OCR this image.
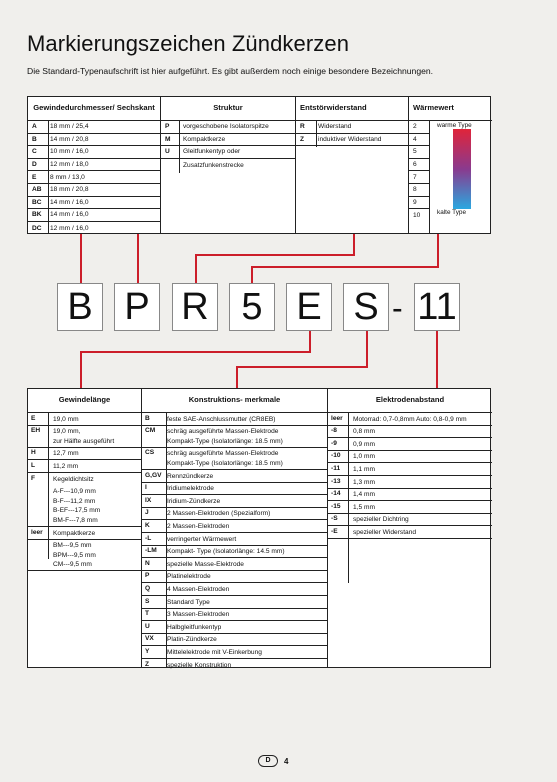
Markierungszeichen Zündkerzen
Die Standard-Typenaufschrift ist hier aufgeführt. Es gibt außerdem noch einige besondere Bezeichnungen.
Gewindedurchmesser/ Sechskant
A	18 mm / 25,4
B	14 mm / 20,8
C	10 mm / 16,0
D	12 mm / 18,0
E	8 mm / 13,0
AB	18 mm / 20,8
BC	14 mm / 16,0
BK	14 mm / 16,0
DC	12 mm / 16,0
Struktur
P	vorgeschobene Isolatorspitze
M	Kompaktkerze
U	Gleitfunkentyp oder
Zusatzfunkenstrecke
Entstörwiderstand
R	Widerstand
Z	induktiver Widerstand
Wärmewert
2
4
5
6
7
8
9
10
warme Type
kalte Type
B P R 5 E S - 11
Gewindelänge
E	19,0 mm
EH	19,0 mm,
zur Hälfte ausgeführt
H	12,7 mm
L	11,2 mm
F	Kegeldichtsitz
A-F---10,9 mm
B-F---11,2 mm
B-EF---17,5 mm
BM-F---7,8 mm
leer	Kompaktkerze
BM---9,5 mm
BPM---9,5 mm
CM---9,5 mm
Konstruktions- merkmale
B	feste SAE-Anschlussmutter (CR8EB)
CM	schräg ausgeführte Massen-Elektrode
Kompakt-Type (Isolatorlänge: 18.5 mm)
CS	schräg ausgeführte Massen-Elektrode
Kompakt-Type (Isolatorlänge: 18.5 mm)
G,GV Rennzündkerze
I	Iridiumelektrode
IX	Iridium-Zündkerze
J	2 Massen-Elektroden (Spezialform)
K	2 Massen-Elektroden
-L	verringerter Wärmewert
-LM	Kompakt- Type (Isolatorlänge: 14.5 mm)
N	spezielle Masse-Elektrode
P	Platinelektrode
Q	4 Massen-Elektroden
S	Standard Type
T	3 Massen-Elektroden
U	Halbgleitfunkentyp
VX	Platin-Zündkerze
Y	Mittelelektrode mit V-Einkerbung
Z	spezielle Konstruktion
Elektrodenabstand
leer	Motorrad: 0,7-0,8mm Auto: 0,8-0,9 mm
-8	0,8 mm
-9	0,9 mm
-10	1,0 mm
-11	1,1 mm
-13	1,3 mm
-14	1,4 mm
-15	1,5 mm
-S	spezieller Dichtring
-E	spezieller Widerstand
D	4
